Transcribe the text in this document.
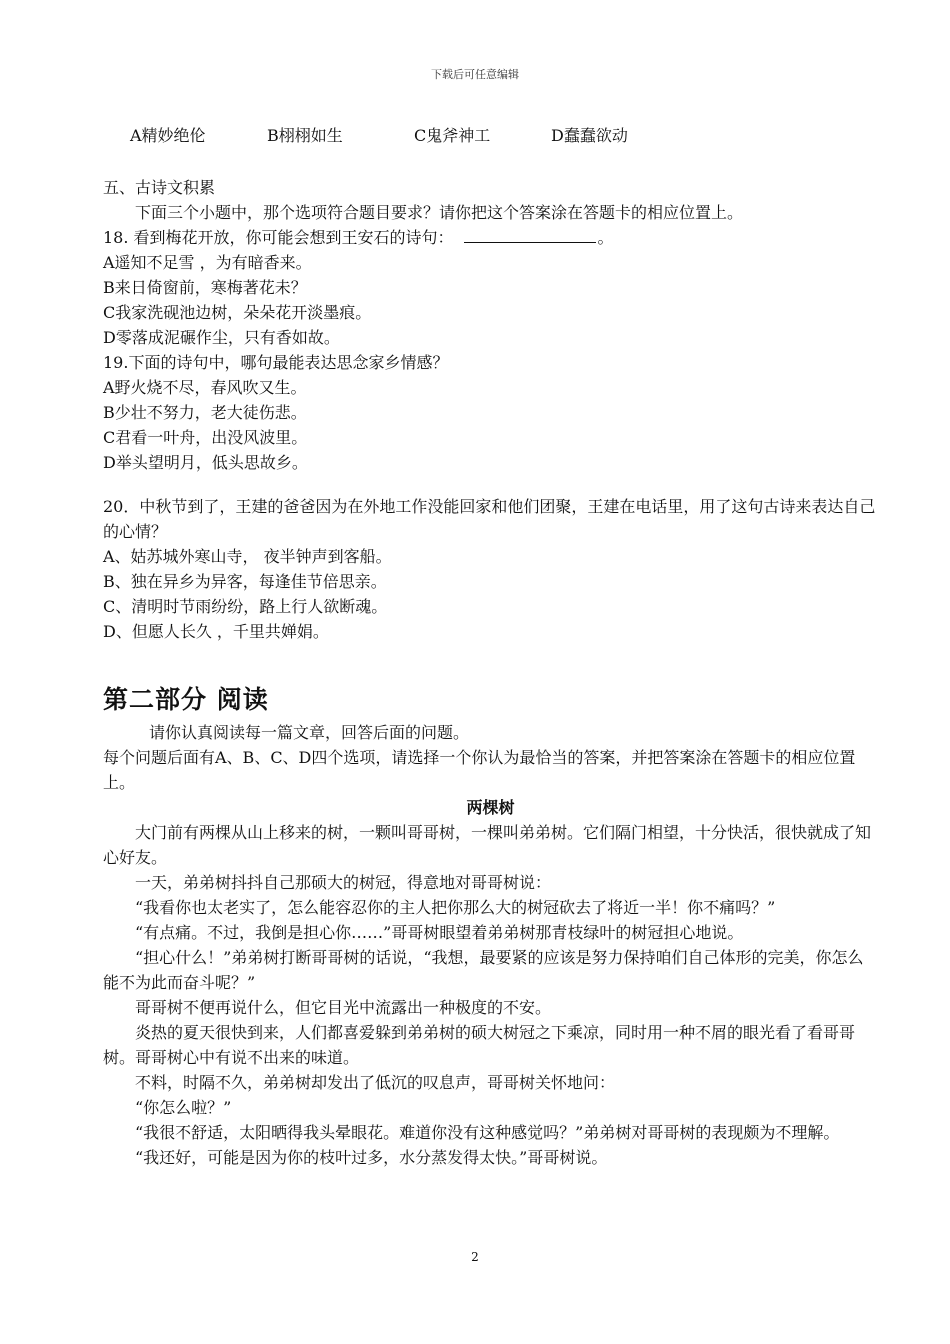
下载后可任意编辑
A精妙绝伦	B栩栩如生	C鬼斧神工	D蠢蠢欲动

五、古诗文积累

下面三个小题中，那个选项符合题目要求？请你把这个答案涂在答题卡的相应位置上。

18. 看到梅花开放，你可能会想到王安石的诗句：	。

A遥知不足雪 ，为有暗香来。

B来日倚窗前，寒梅著花未？

C我家洗砚池边树，朵朵花开淡墨痕。

D零落成泥碾作尘，只有香如故。

19.下面的诗句中，哪句最能表达思念家乡情感？

A野火烧不尽，春风吹又生。

B少壮不努力，老大徒伤悲。

C君看一叶舟，出没风波里。

D举头望明月，低头思故乡。

20．中秋节到了，王建的爸爸因为在外地工作没能回家和他们团聚，王建在电话里，用了这句古诗来表达自己的心情？

A、姑苏城外寒山寺， 夜半钟声到客船。

B、独在异乡为异客，每逢佳节倍思亲。

C、清明时节雨纷纷，路上行人欲断魂。

D、但愿人长久 ，千里共婵娟。

第二部分 阅读

请你认真阅读每一篇文章，回答后面的问题。

每个问题后面有A、B、C、D四个选项，请选择一个你认为最恰当的答案，并把答案涂在答题卡的相应位置上。

两棵树

大门前有两棵从山上移来的树，一颗叫哥哥树，一棵叫弟弟树。它们隔门相望，十分快活，很快就成了知心好友。

一天，弟弟树抖抖自己那硕大的树冠，得意地对哥哥树说：

“我看你也太老实了，怎么能容忍你的主人把你那么大的树冠砍去了将近一半！你不痛吗？”

“有点痛。不过，我倒是担心你……”哥哥树眼望着弟弟树那青枝绿叶的树冠担心地说。

“担心什么！”弟弟树打断哥哥树的话说，“我想，最要紧的应该是努力保持咱们自己体形的完美，你怎么能不为此而奋斗呢？”

哥哥树不便再说什么，但它目光中流露出一种极度的不安。

炎热的夏天很快到来，人们都喜爱躲到弟弟树的硕大树冠之下乘凉，同时用一种不屑的眼光看了看哥哥树。哥哥树心中有说不出来的味道。

不料，时隔不久，弟弟树却发出了低沉的叹息声，哥哥树关怀地问：

“你怎么啦？”

“我很不舒适，太阳晒得我头晕眼花。难道你没有这种感觉吗？”弟弟树对哥哥树的表现颇为不理解。

“我还好，可能是因为你的枝叶过多，水分蒸发得太快。”哥哥树说。

2
